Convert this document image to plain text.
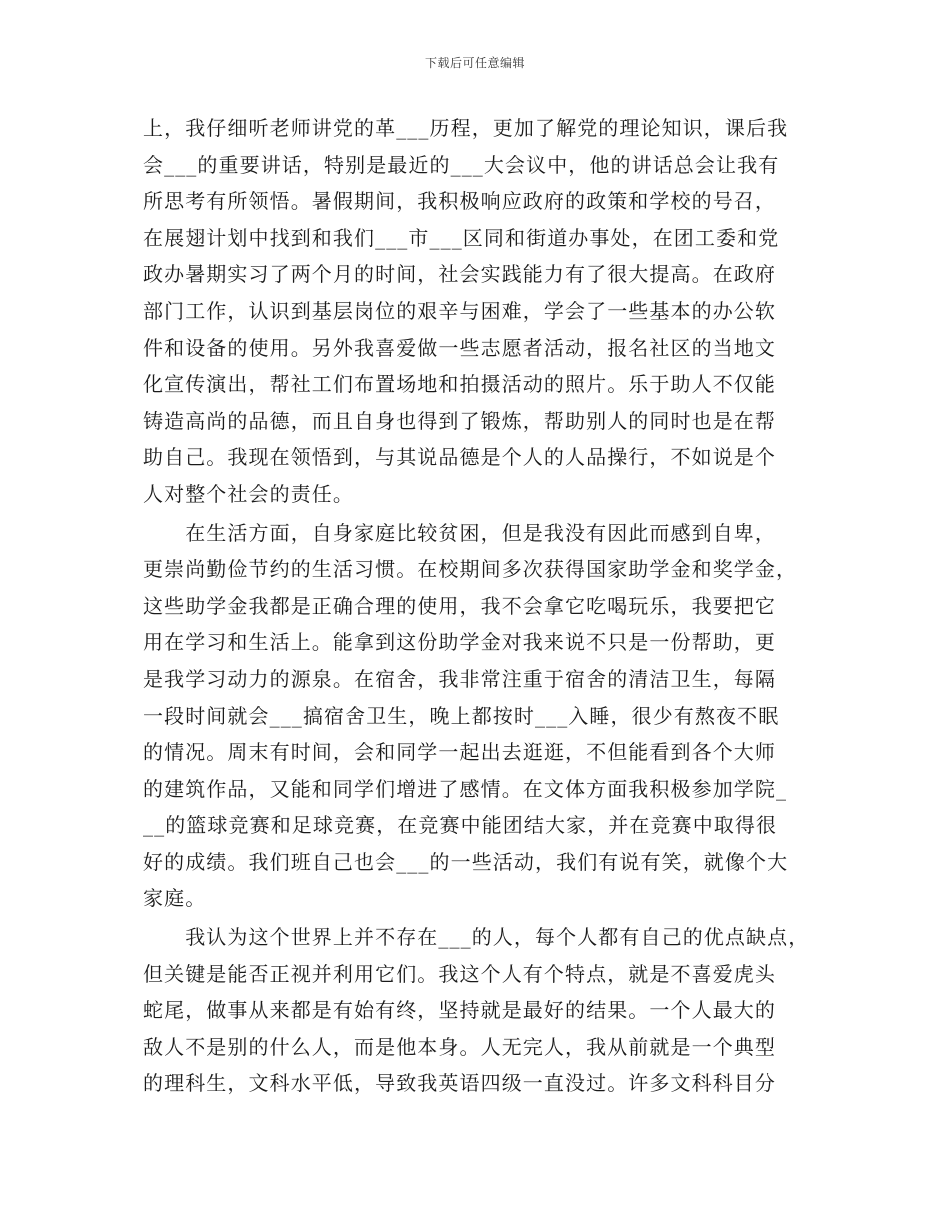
下载后可任意编辑
上，我仔细听老师讲党的革___历程，更加了解党的理论知识，课后我
会___的重要讲话，特别是最近的___大会议中，他的讲话总会让我有
所思考有所领悟。暑假期间，我积极响应政府的政策和学校的号召，
在展翅计划中找到和我们___市___区同和街道办事处，在团工委和党
政办暑期实习了两个月的时间，社会实践能力有了很大提高。在政府
部门工作，认识到基层岗位的艰辛与困难，学会了一些基本的办公软
件和设备的使用。另外我喜爱做一些志愿者活动，报名社区的当地文
化宣传演出，帮社工们布置场地和拍摄活动的照片。乐于助人不仅能
铸造高尚的品德，而且自身也得到了锻炼，帮助别人的同时也是在帮
助自己。我现在领悟到，与其说品德是个人的人品操行，不如说是个
人对整个社会的责任。
　　在生活方面，自身家庭比较贫困，但是我没有因此而感到自卑，
更崇尚勤俭节约的生活习惯。在校期间多次获得国家助学金和奖学金，
这些助学金我都是正确合理的使用，我不会拿它吃喝玩乐，我要把它
用在学习和生活上。能拿到这份助学金对我来说不只是一份帮助，更
是我学习动力的源泉。在宿舍，我非常注重于宿舍的清洁卫生，每隔
一段时间就会___搞宿舍卫生，晚上都按时___入睡，很少有熬夜不眠
的情况。周末有时间，会和同学一起出去逛逛，不但能看到各个大师
的建筑作品，又能和同学们增进了感情。在文体方面我积极参加学院_
__的篮球竞赛和足球竞赛，在竞赛中能团结大家，并在竞赛中取得很
好的成绩。我们班自己也会___的一些活动，我们有说有笑，就像个大
家庭。
　　我认为这个世界上并不存在___的人，每个人都有自己的优点缺点，
但关键是能否正视并利用它们。我这个人有个特点，就是不喜爱虎头
蛇尾，做事从来都是有始有终，坚持就是最好的结果。一个人最大的
敌人不是别的什么人，而是他本身。人无完人，我从前就是一个典型
的理科生，文科水平低，导致我英语四级一直没过。许多文科科目分
